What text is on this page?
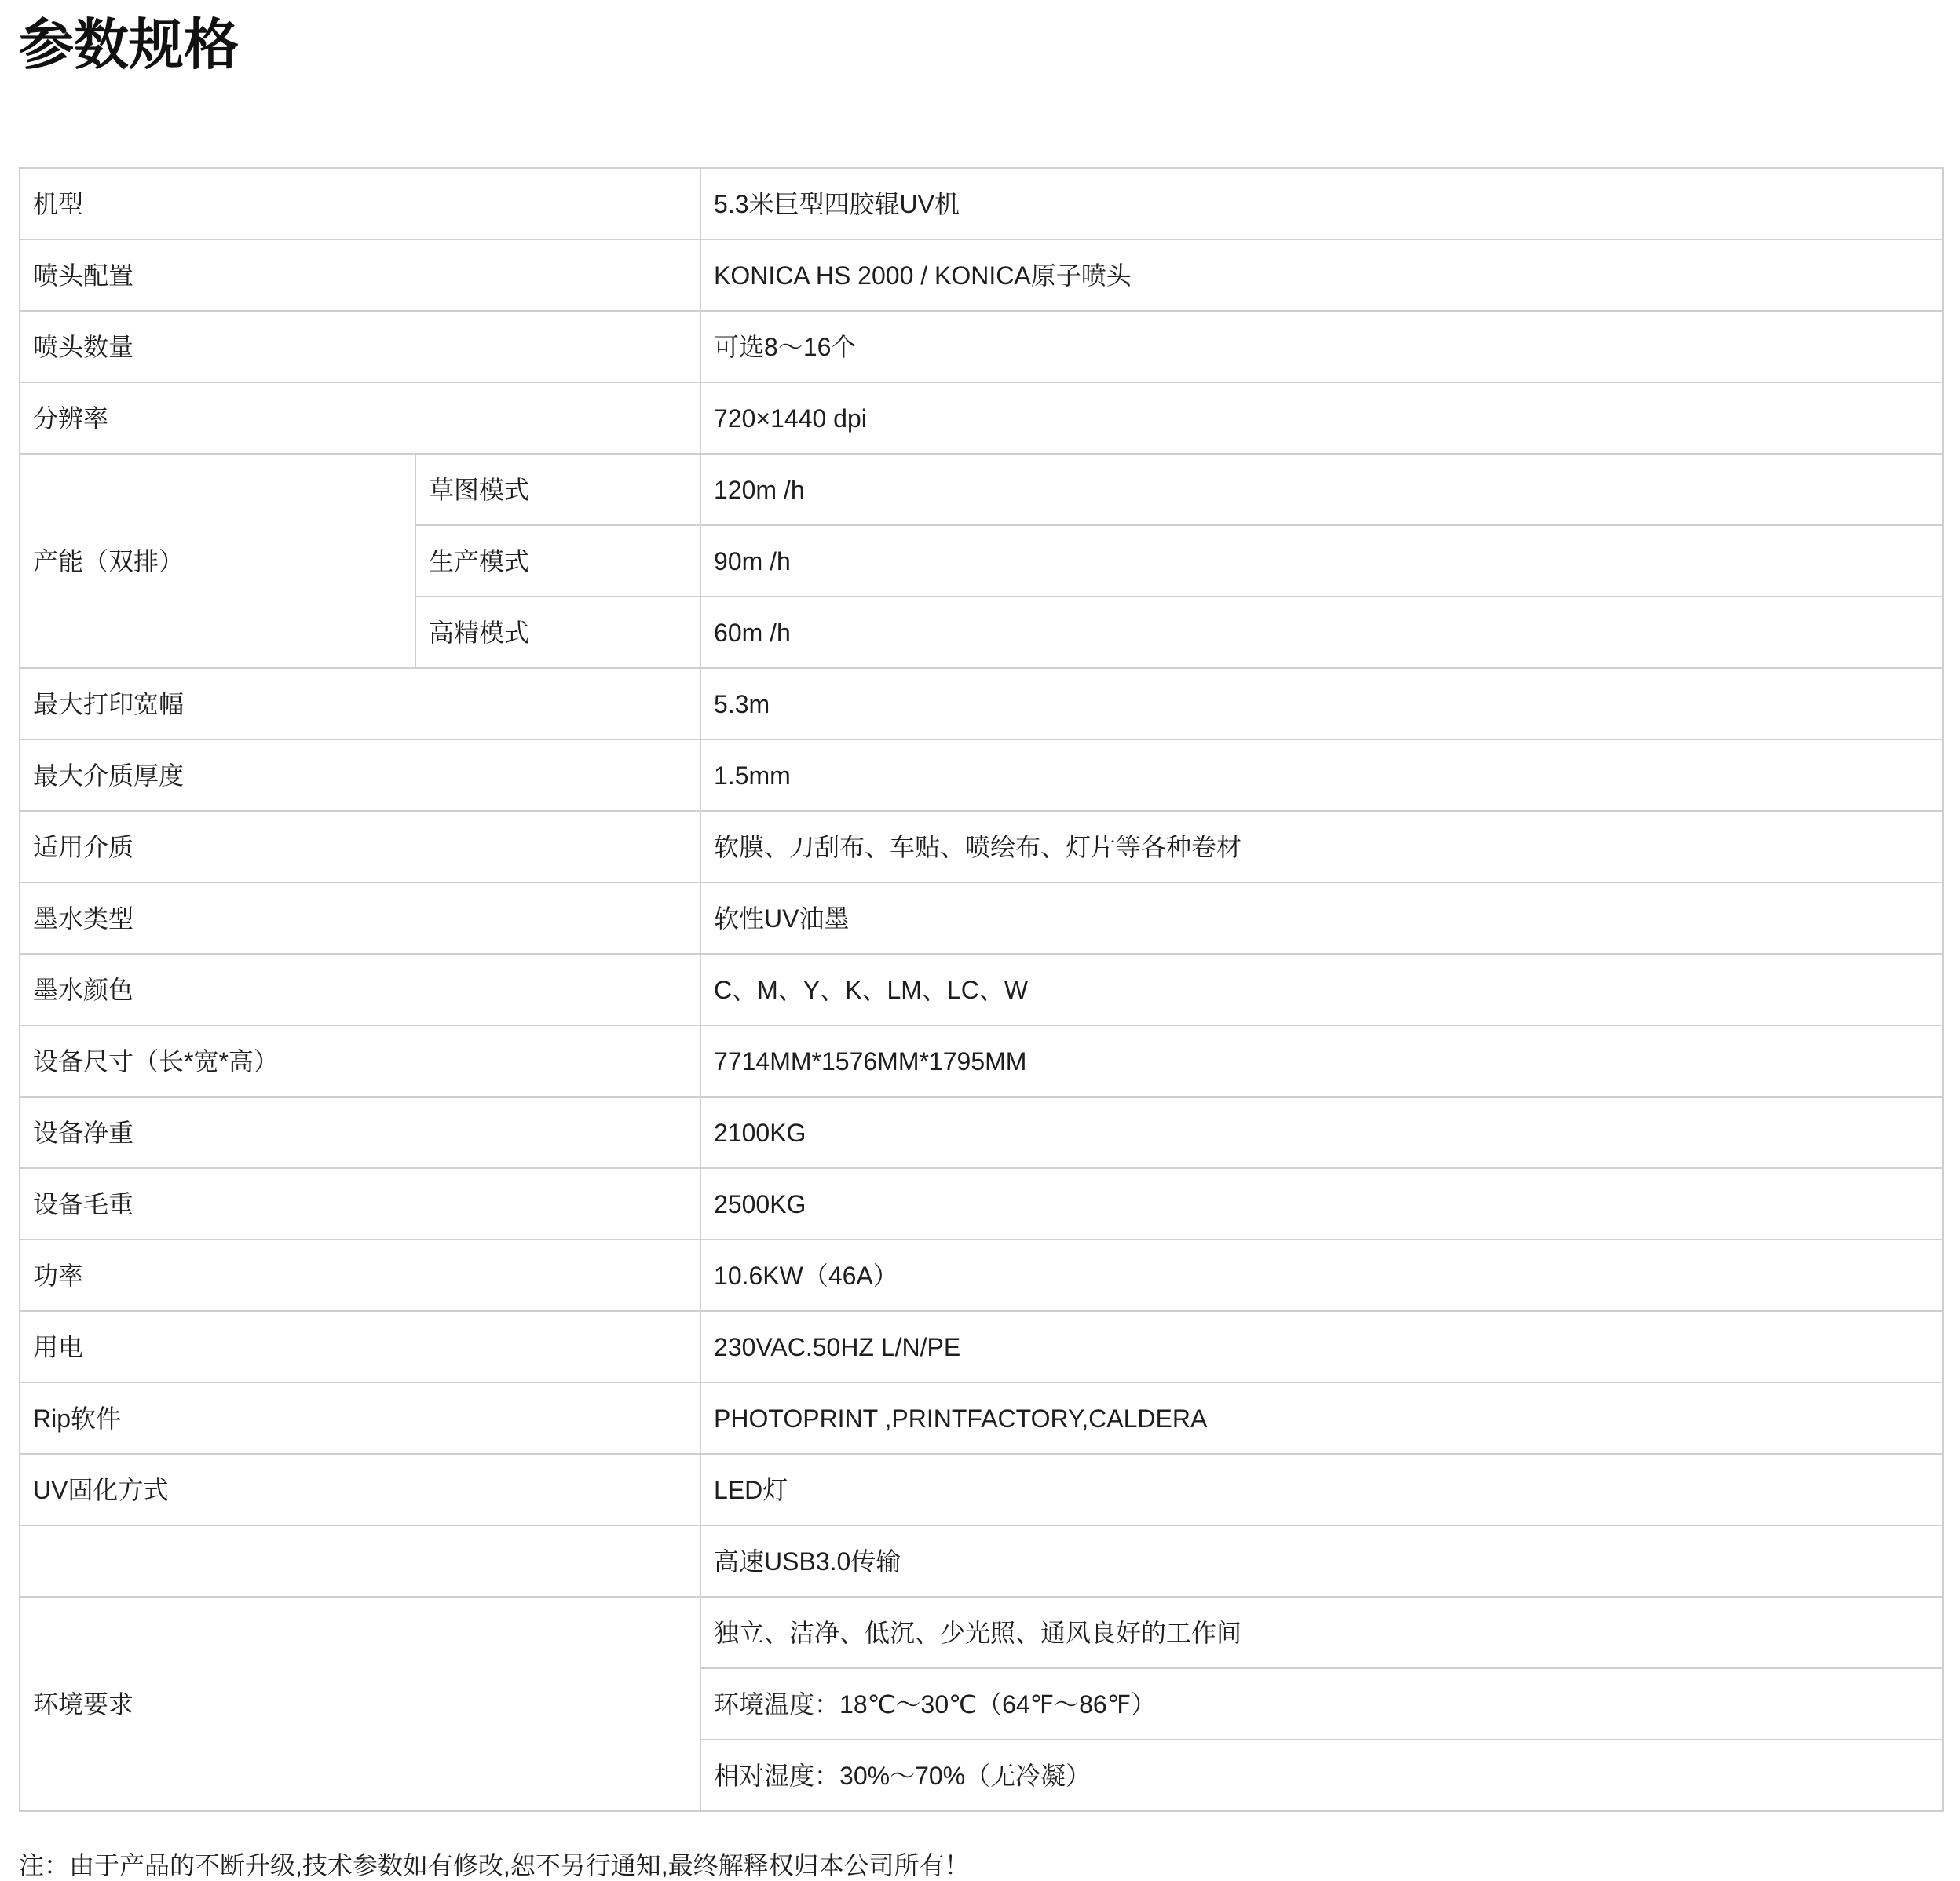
参数规格
机型		5.3米巨型四胶辊UV机
喷头配置		KONICA HS 2000 / KONICA原子喷头
喷头数量		可选8～16个
分辨率		720×1440 dpi
产能（双排）	草图模式	120m /h
	生产模式	90m /h
	高精模式	60m /h
最大打印宽幅		5.3m
最大介质厚度		1.5mm
适用介质		软膜、刀刮布、车贴、喷绘布、灯片等各种卷材
墨水类型		软性UV油墨
墨水颜色		C、M、Y、K、LM、LC、W
设备尺寸（长*宽*高）		7714MM*1576MM*1795MM
设备净重		2100KG
设备毛重		2500KG
功率		10.6KW（46A）
用电		230VAC.50HZ L/N/PE
Rip软件		PHOTOPRINT ,PRINTFACTORY,CALDERA
UV固化方式		LED灯
		高速USB3.0传输
环境要求		独立、洁净、低沉、少光照、通风良好的工作间
		环境温度：18℃～30℃（64℉～86℉）
		相对湿度：30%～70%（无冷凝）

注：由于产品的不断升级,技术参数如有修改,恕不另行通知,最终解释权归本公司所有！
